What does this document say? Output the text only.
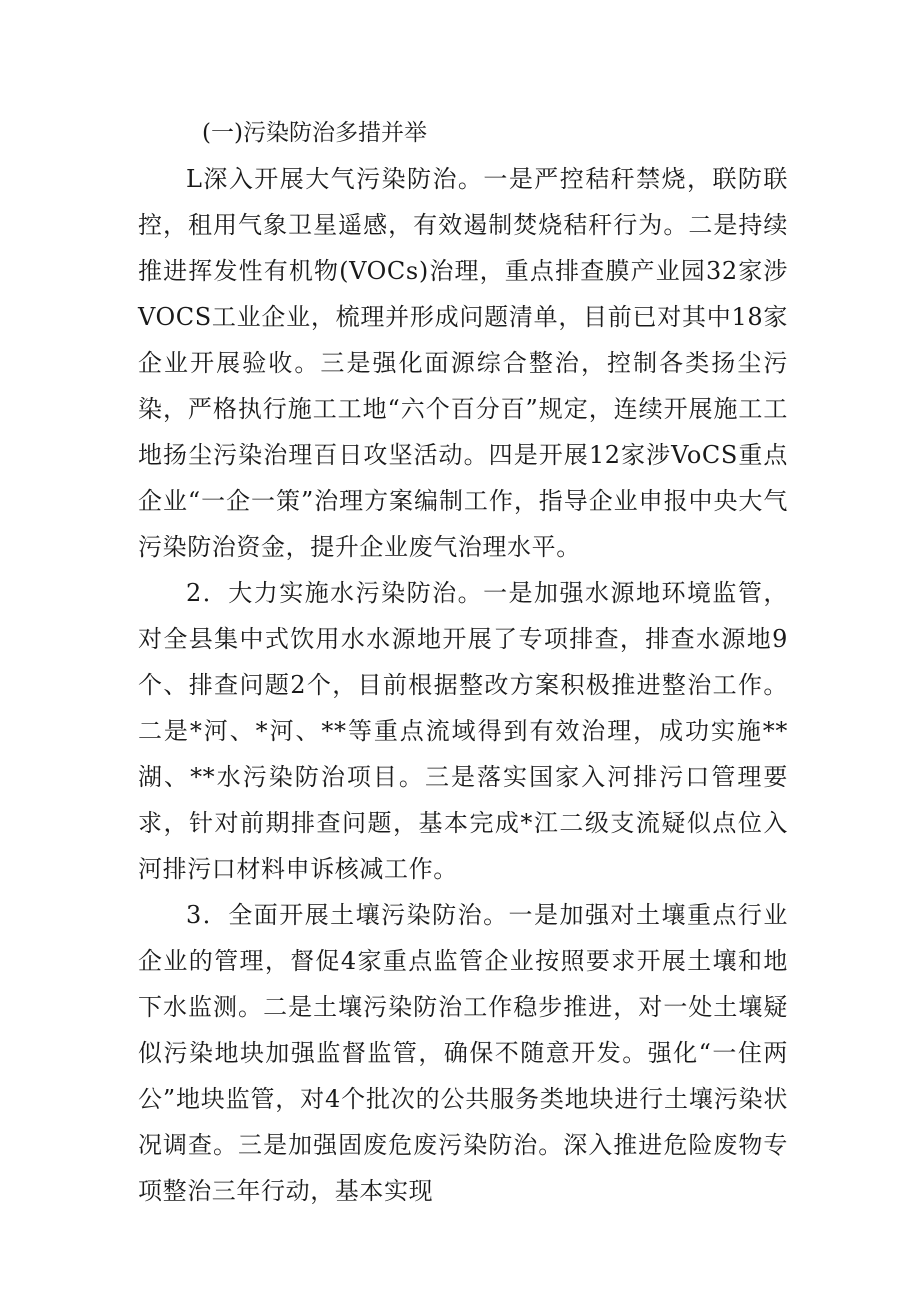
(一)污染防治多措并举

L深入开展大气污染防治。一是严控秸秆禁烧，联防联控，租用气象卫星遥感，有效遏制焚烧秸秆行为。二是持续推进挥发性有机物(VOCs)治理，重点排查膜产业园32家涉VOCS工业企业，梳理并形成问题清单，目前已对其中18家企业开展验收。三是强化面源综合整治，控制各类扬尘污染，严格执行施工工地“六个百分百”规定，连续开展施工工地扬尘污染治理百日攻坚活动。四是开展12家涉VoCS重点企业“一企一策”治理方案编制工作，指导企业申报中央大气污染防治资金，提升企业废气治理水平。

2．大力实施水污染防治。一是加强水源地环境监管，对全县集中式饮用水水源地开展了专项排查，排查水源地9个、排查问题2个，目前根据整改方案积极推进整治工作。二是*河、*河、**等重点流域得到有效治理，成功实施**湖、**水污染防治项目。三是落实国家入河排污口管理要求，针对前期排查问题，基本完成*江二级支流疑似点位入河排污口材料申诉核减工作。

3．全面开展土壤污染防治。一是加强对土壤重点行业企业的管理，督促4家重点监管企业按照要求开展土壤和地下水监测。二是土壤污染防治工作稳步推进，对一处土壤疑似污染地块加强监督监管，确保不随意开发。强化“一住两公”地块监管，对4个批次的公共服务类地块进行土壤污染状况调查。三是加强固废危废污染防治。深入推进危险废物专项整治三年行动，基本实现
